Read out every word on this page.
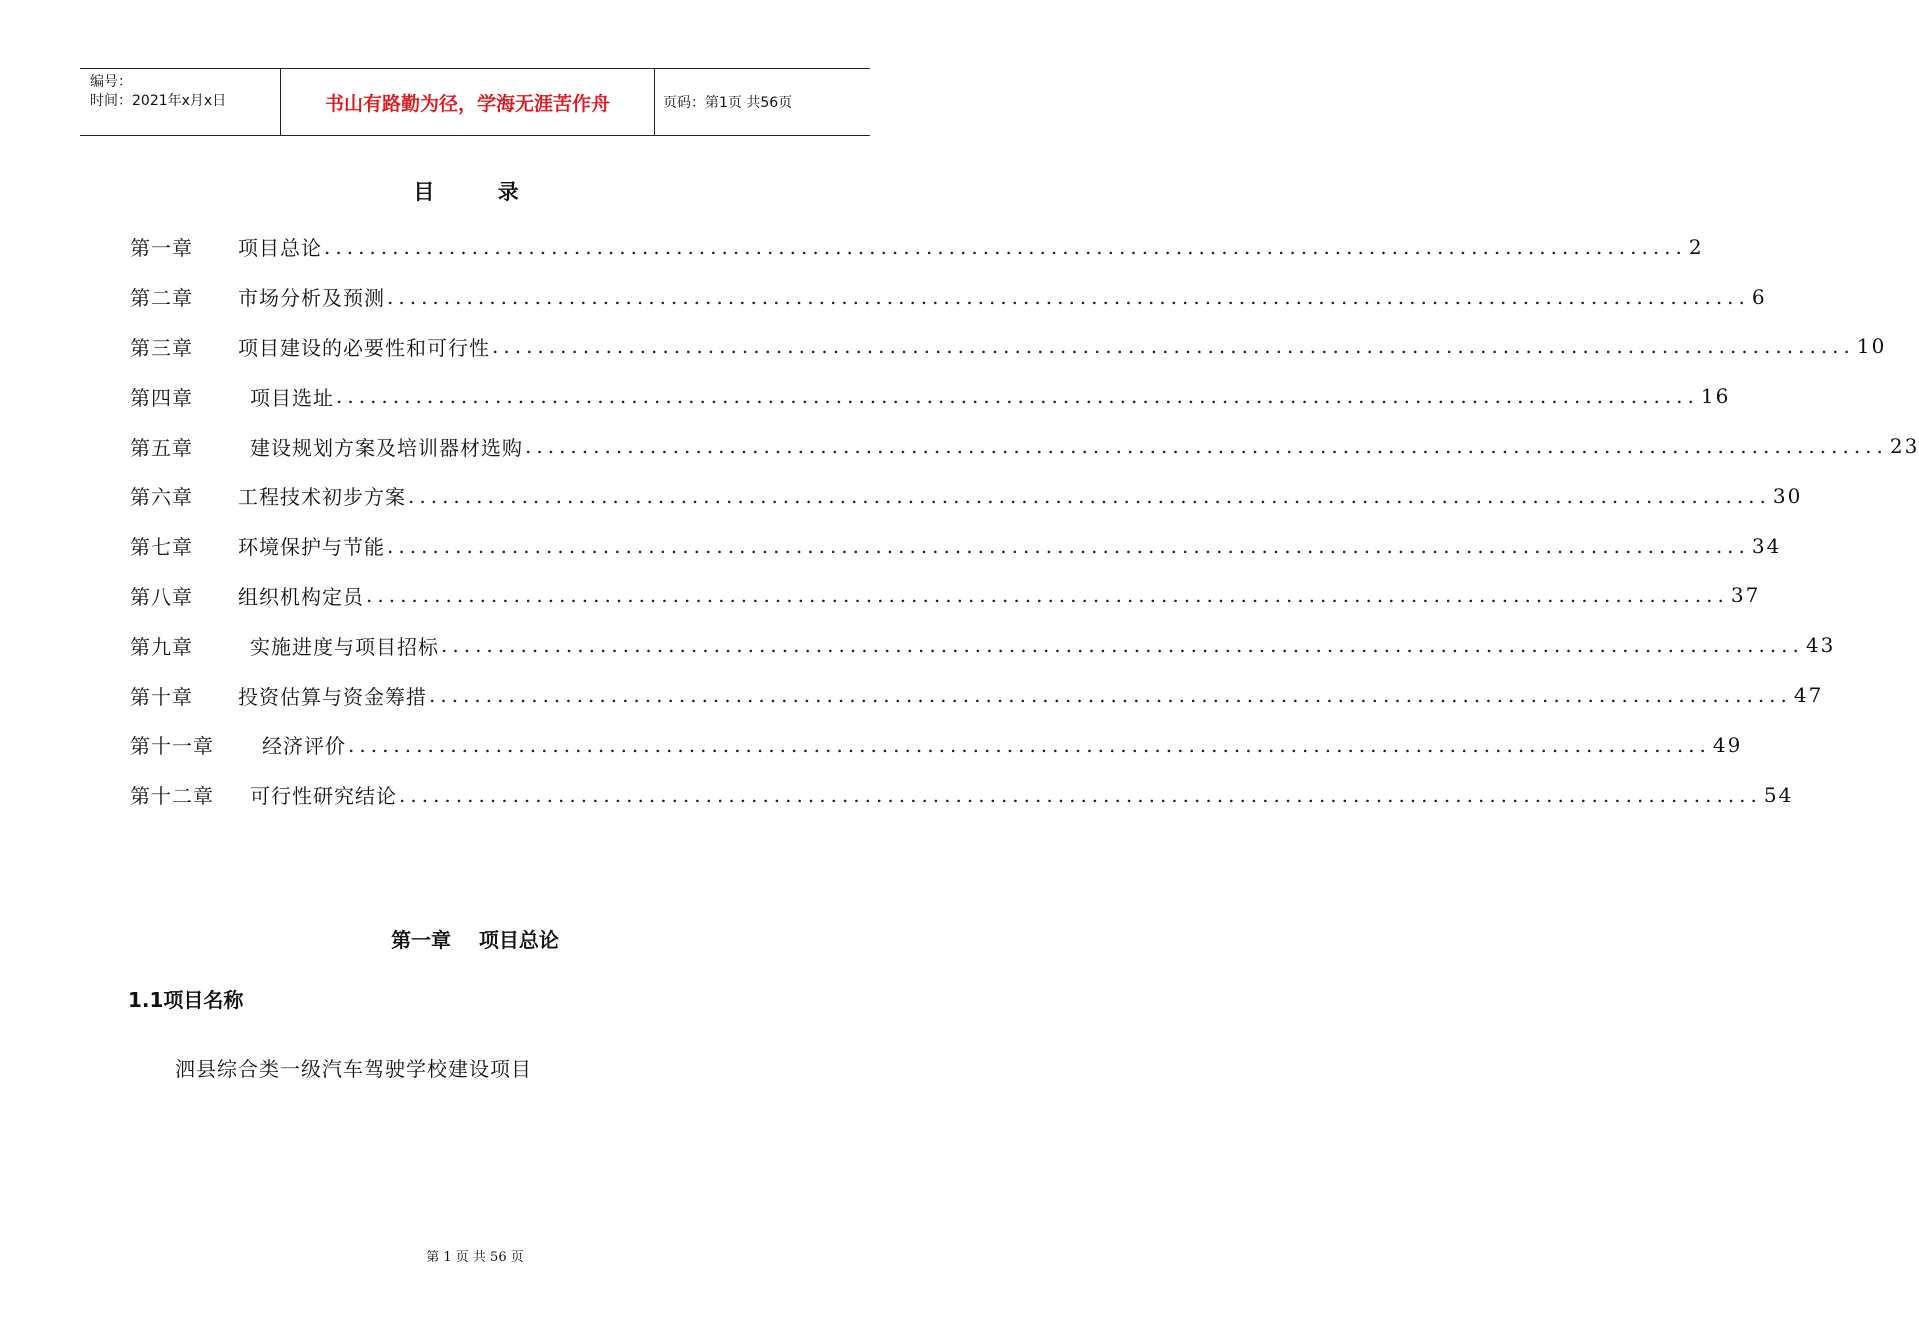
编号：
时间：2021年x月x日	书山有路勤为径，学海无涯苦作舟	页码：第1页 共56页
目 录
第一章	项目总论 ........................................................................................................................ 2
第二章	市场分析及预测 ........................................................................................................................ 6
第三章	项目建设的必要性和可行性 ........................................................................................................................ 10
第四章	项目选址 ........................................................................................................................ 16
第五章	建设规划方案及培训器材选购 ........................................................................................................................ 23
第六章	工程技术初步方案 ........................................................................................................................ 30
第七章	环境保护与节能 ........................................................................................................................ 34
第八章	组织机构定员 ........................................................................................................................ 37
第九章	实施进度与项目招标 ........................................................................................................................ 43
第十章	投资估算与资金筹措 ........................................................................................................................ 47
第十一章	经济评价 ........................................................................................................................ 49
第十二章	可行性研究结论 ........................................................................................................................ 54
第一章    项目总论
1.1项目名称
泗县综合类一级汽车驾驶学校建设项目
第 1 页 共 56 页
